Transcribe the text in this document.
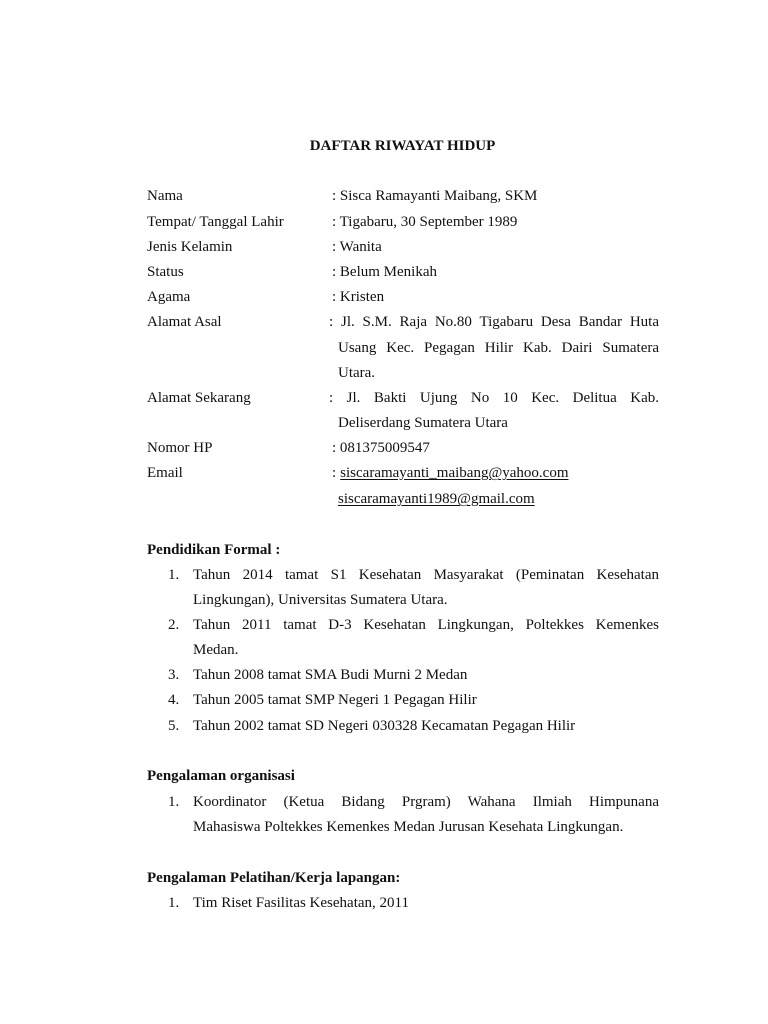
DAFTAR RIWAYAT HIDUP
Nama	: Sisca Ramayanti Maibang, SKM
Tempat/ Tanggal Lahir	: Tigabaru, 30 September 1989
Jenis Kelamin	: Wanita
Status	: Belum Menikah
Agama	: Kristen
Alamat Asal	: Jl. S.M. Raja No.80 Tigabaru Desa Bandar Huta
Usang Kec. Pegagan Hilir Kab. Dairi Sumatera
Utara.
Alamat Sekarang	: Jl. Bakti Ujung No 10 Kec. Delitua Kab.
Deliserdang Sumatera Utara
Nomor HP	: 081375009547
Email	: siscaramayanti_maibang@yahoo.com
siscaramayanti1989@gmail.com
Pendidikan Formal :
1. Tahun 2014 tamat S1 Kesehatan Masyarakat (Peminatan Kesehatan
Lingkungan), Universitas Sumatera Utara.
2. Tahun 2011 tamat D-3 Kesehatan Lingkungan, Poltekkes Kemenkes
Medan.
3. Tahun 2008 tamat SMA Budi Murni 2 Medan
4. Tahun 2005 tamat SMP Negeri 1 Pegagan Hilir
5. Tahun 2002 tamat SD Negeri 030328 Kecamatan Pegagan Hilir
Pengalaman organisasi
1. Koordinator (Ketua Bidang Prgram) Wahana Ilmiah Himpunana
Mahasiswa Poltekkes Kemenkes Medan Jurusan Kesehata Lingkungan.
Pengalaman Pelatihan/Kerja lapangan:
1. Tim Riset Fasilitas Kesehatan, 2011
